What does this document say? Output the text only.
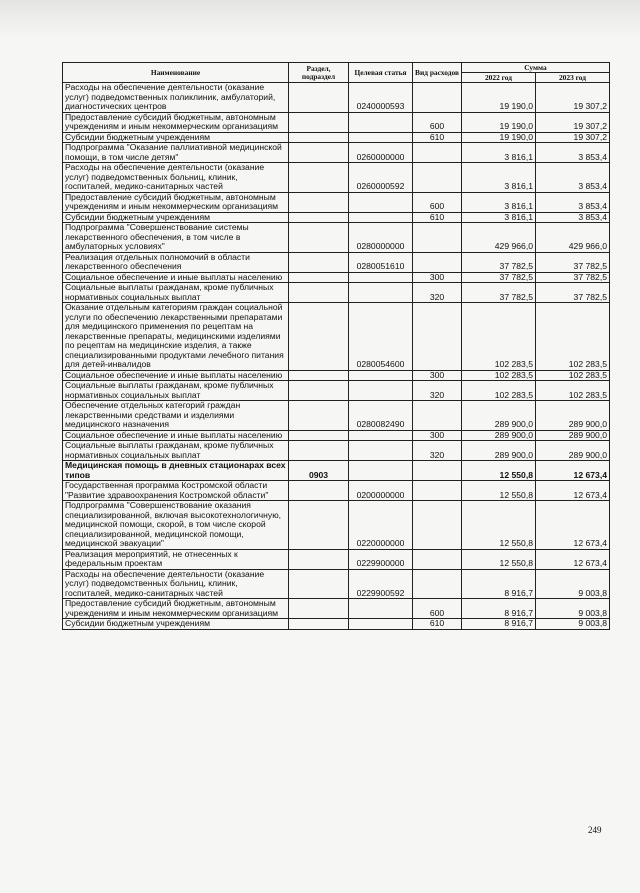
Наименование	Раздел, подраздел	Целевая статья	Вид расходов	Сумма	
				2022 год	2023 год
Расходы на обеспечение деятельности (оказание услуг) подведомственных поликлиник, амбулаторий, диагностических центров		0240000593		19 190,0	19 307,2
Предоставление субсидий бюджетным, автономным учреждениям и иным некоммерческим организациям			600	19 190,0	19 307,2
Субсидии бюджетным учреждениям			610	19 190,0	19 307,2
Подпрограмма "Оказание паллиативной медицинской помощи, в том числе детям"		0260000000		3 816,1	3 853,4
Расходы на обеспечение деятельности (оказание услуг) подведомственных больниц, клиник, госпиталей, медико-санитарных частей		0260000592		3 816,1	3 853,4
Предоставление субсидий бюджетным, автономным учреждениям и иным некоммерческим организациям			600	3 816,1	3 853,4
Субсидии бюджетным учреждениям			610	3 816,1	3 853,4
Подпрограмма "Совершенствование системы лекарственного обеспечения, в том числе в амбулаторных условиях"		0280000000		429 966,0	429 966,0
Реализация отдельных полномочий в области лекарственного обеспечения		0280051610		37 782,5	37 782,5
Социальное обеспечение и иные выплаты населению			300	37 782,5	37 782,5
Социальные выплаты гражданам, кроме публичных нормативных социальных выплат			320	37 782,5	37 782,5
Оказание отдельным категориям граждан социальной услуги по обеспечению лекарственными препаратами для медицинского применения по рецептам на лекарственные препараты, медицинскими изделиями по рецептам на медицинские изделия, а также специализированными продуктами лечебного питания для детей-инвалидов		0280054600		102 283,5	102 283,5
Социальное обеспечение и иные выплаты населению			300	102 283,5	102 283,5
Социальные выплаты гражданам, кроме публичных нормативных социальных выплат			320	102 283,5	102 283,5
Обеспечение отдельных категорий граждан лекарственными средствами и изделиями медицинского назначения		0280082490		289 900,0	289 900,0
Социальное обеспечение и иные выплаты населению			300	289 900,0	289 900,0
Социальные выплаты гражданам, кроме публичных нормативных социальных выплат			320	289 900,0	289 900,0
Медицинская помощь в дневных стационарах всех типов	0903			12 550,8	12 673,4
Государственная программа Костромской области "Развитие здравоохранения Костромской области"		0200000000		12 550,8	12 673,4
Подпрограмма "Совершенствование оказания специализированной, включая высокотехнологичную, медицинской помощи, скорой, в том числе скорой специализированной, медицинской помощи, медицинской эвакуации"		0220000000		12 550,8	12 673,4
Реализация мероприятий, не отнесенных к федеральным проектам		0229900000		12 550,8	12 673,4
Расходы на обеспечение деятельности (оказание услуг) подведомственных больниц, клиник, госпиталей, медико-санитарных частей		0229900592		8 916,7	9 003,8
Предоставление субсидий бюджетным, автономным учреждениям и иным некоммерческим организациям			600	8 916,7	9 003,8
Субсидии бюджетным учреждениям			610	8 916,7	9 003,8
249
